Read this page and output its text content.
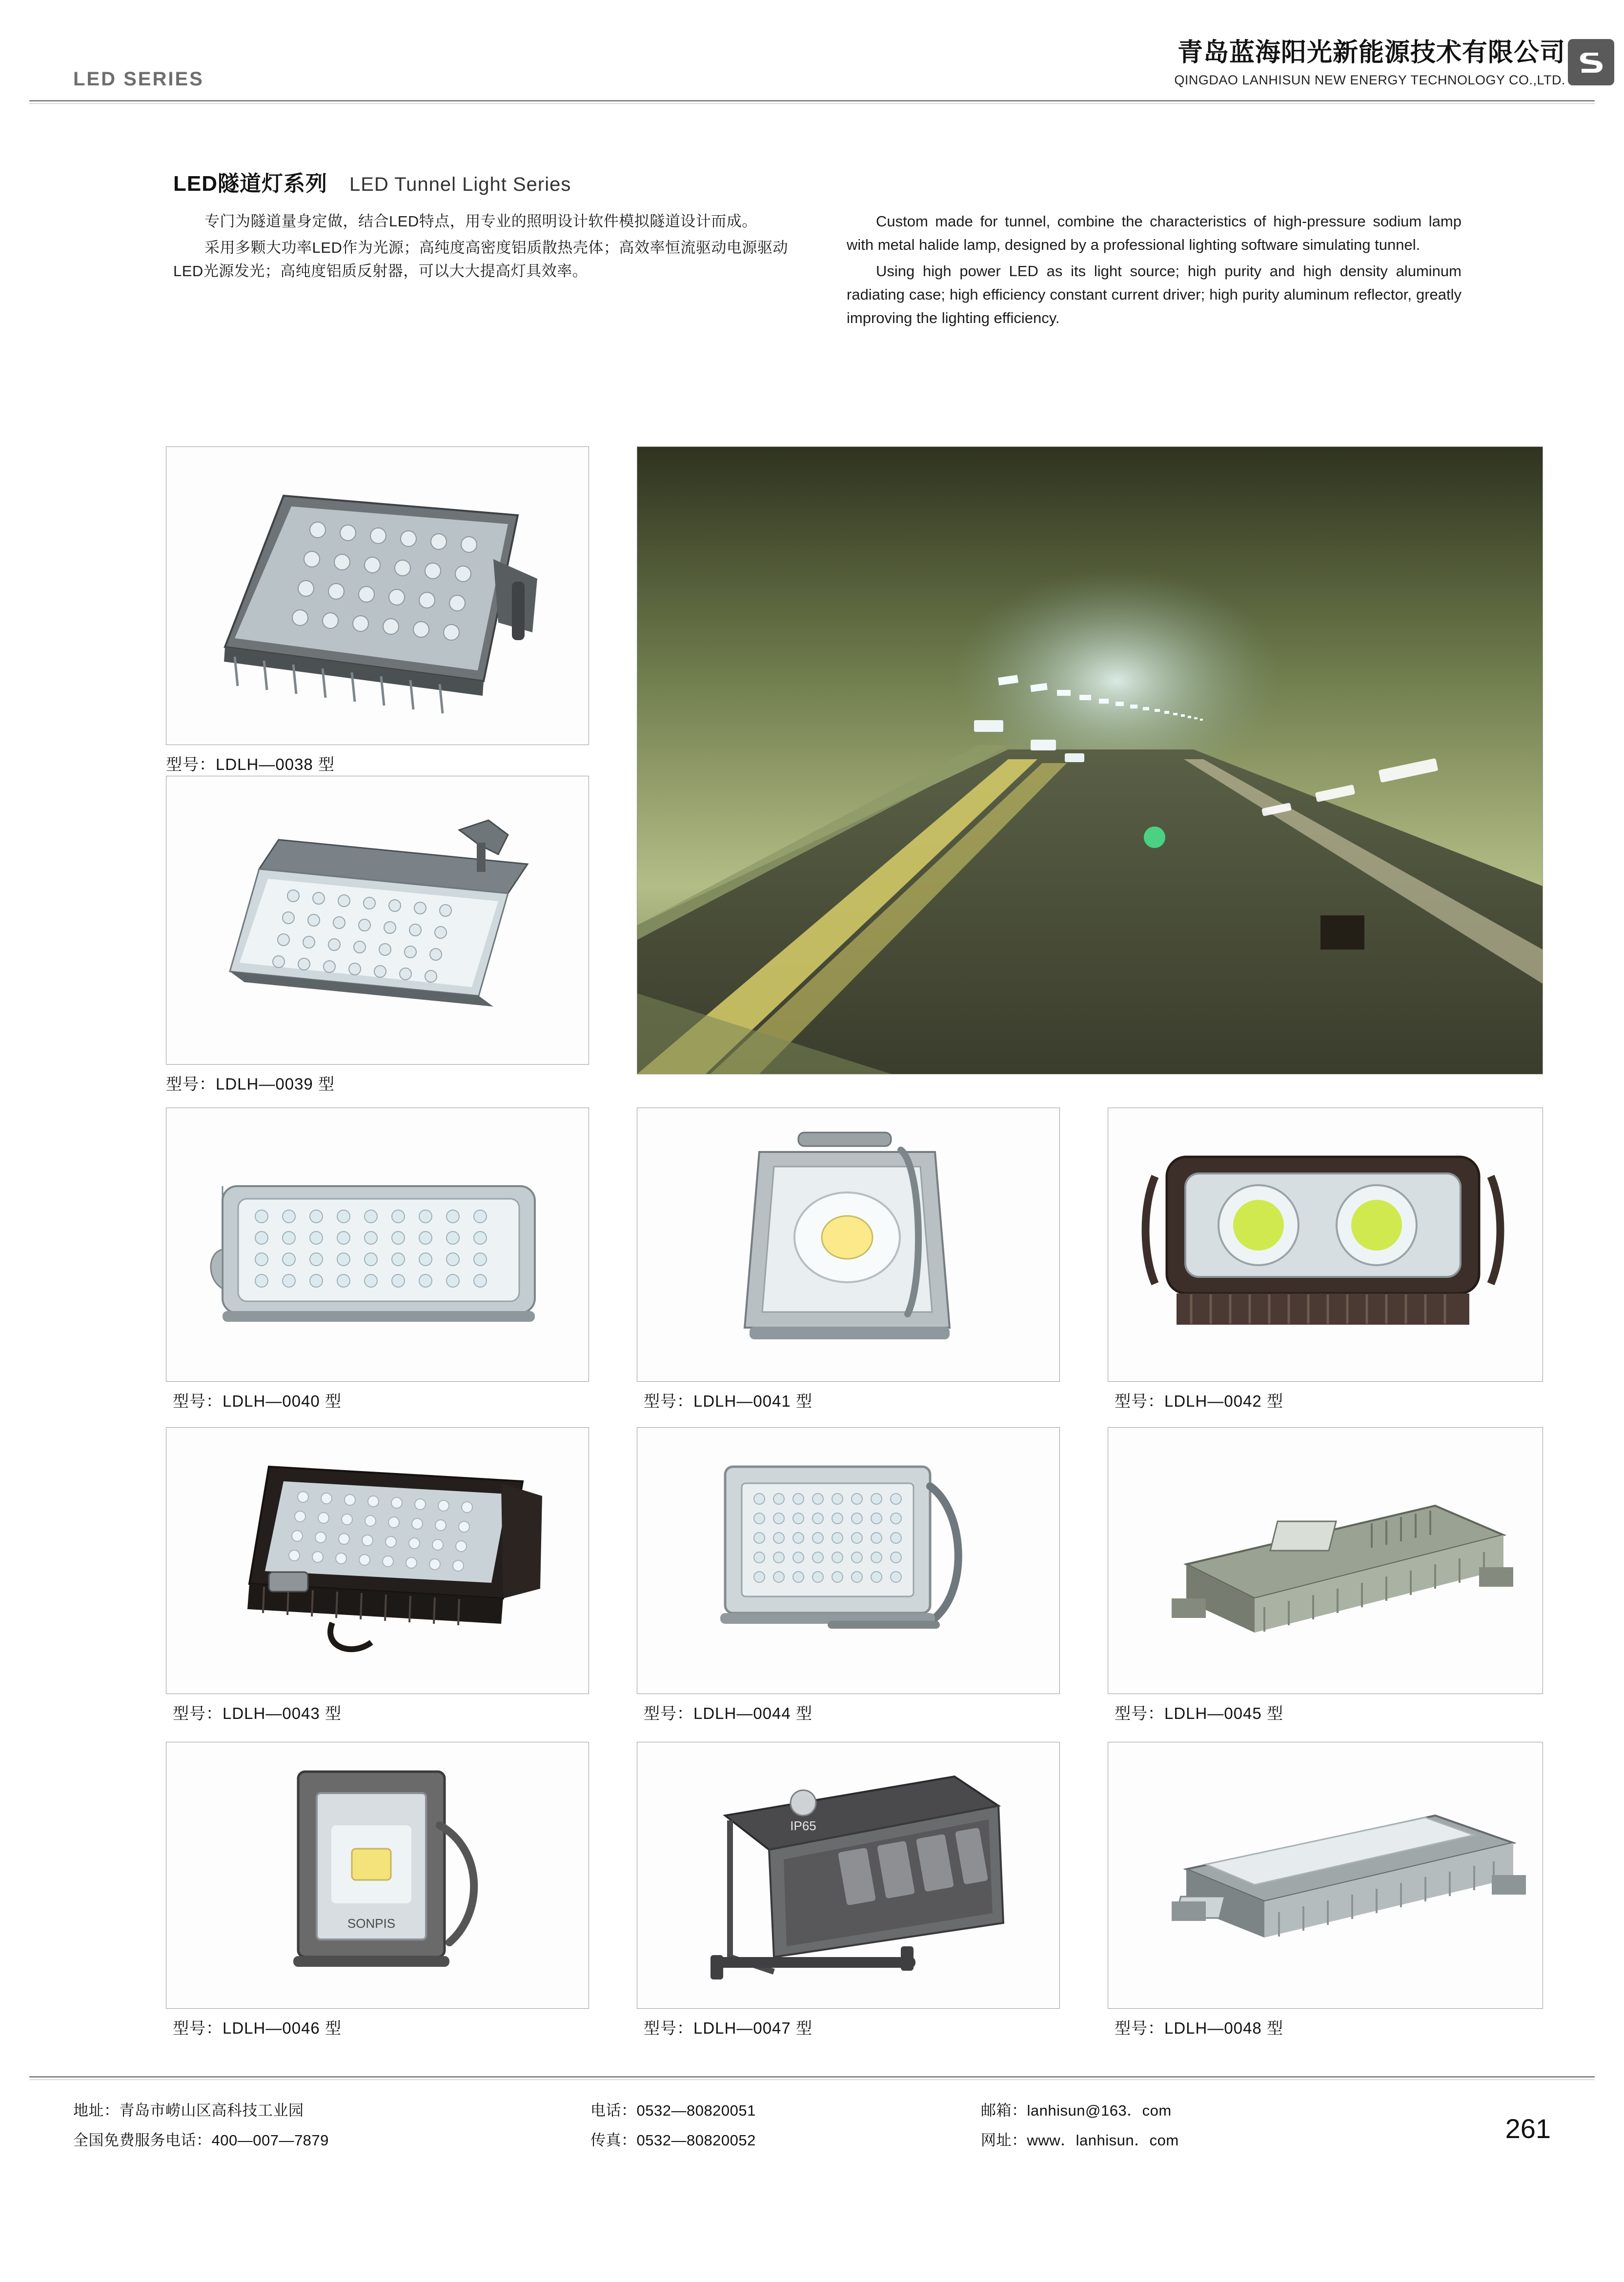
LED SERIES
青岛蓝海阳光新能源技术有限公司
QINGDAO LANHISUN NEW ENERGY TECHNOLOGY CO.,LTD.
LED隧道灯系列 LED Tunnel Light Series

专门为隧道量身定做，结合LED特点，用专业的照明设计软件模拟隧道设计而成。

采用多颗大功率LED作为光源；高纯度高密度铝质散热壳体；高效率恒流驱动电源驱动LED光源发光；高纯度铝质反射器，可以大大提高灯具效率。

Custom made for tunnel, combine the characteristics of high-pressure sodium lamp with metal halide lamp, designed by a professional lighting software simulating tunnel.

Using high power LED as its light source; high purity and high density aluminum radiating case; high efficiency constant current driver; high purity aluminum reflector, greatly improving the lighting efficiency.

型号：LDLH—0038 型
型号：LDLH—0039 型
型号：LDLH—0040 型	型号：LDLH—0041 型	型号：LDLH—0042 型
型号：LDLH—0043 型	型号：LDLH—0044 型	型号：LDLH—0045 型
SONPIS
型号：LDLH—0046 型
IP65
型号：LDLH—0047 型	型号：LDLH—0048 型
地址：青岛市崂山区高科技工业园
全国免费服务电话：400—007—7879
电话：0532—80820051
传真：0532—80820052
邮箱：lanhisun@163．com
网址：www．lanhisun．com	261
